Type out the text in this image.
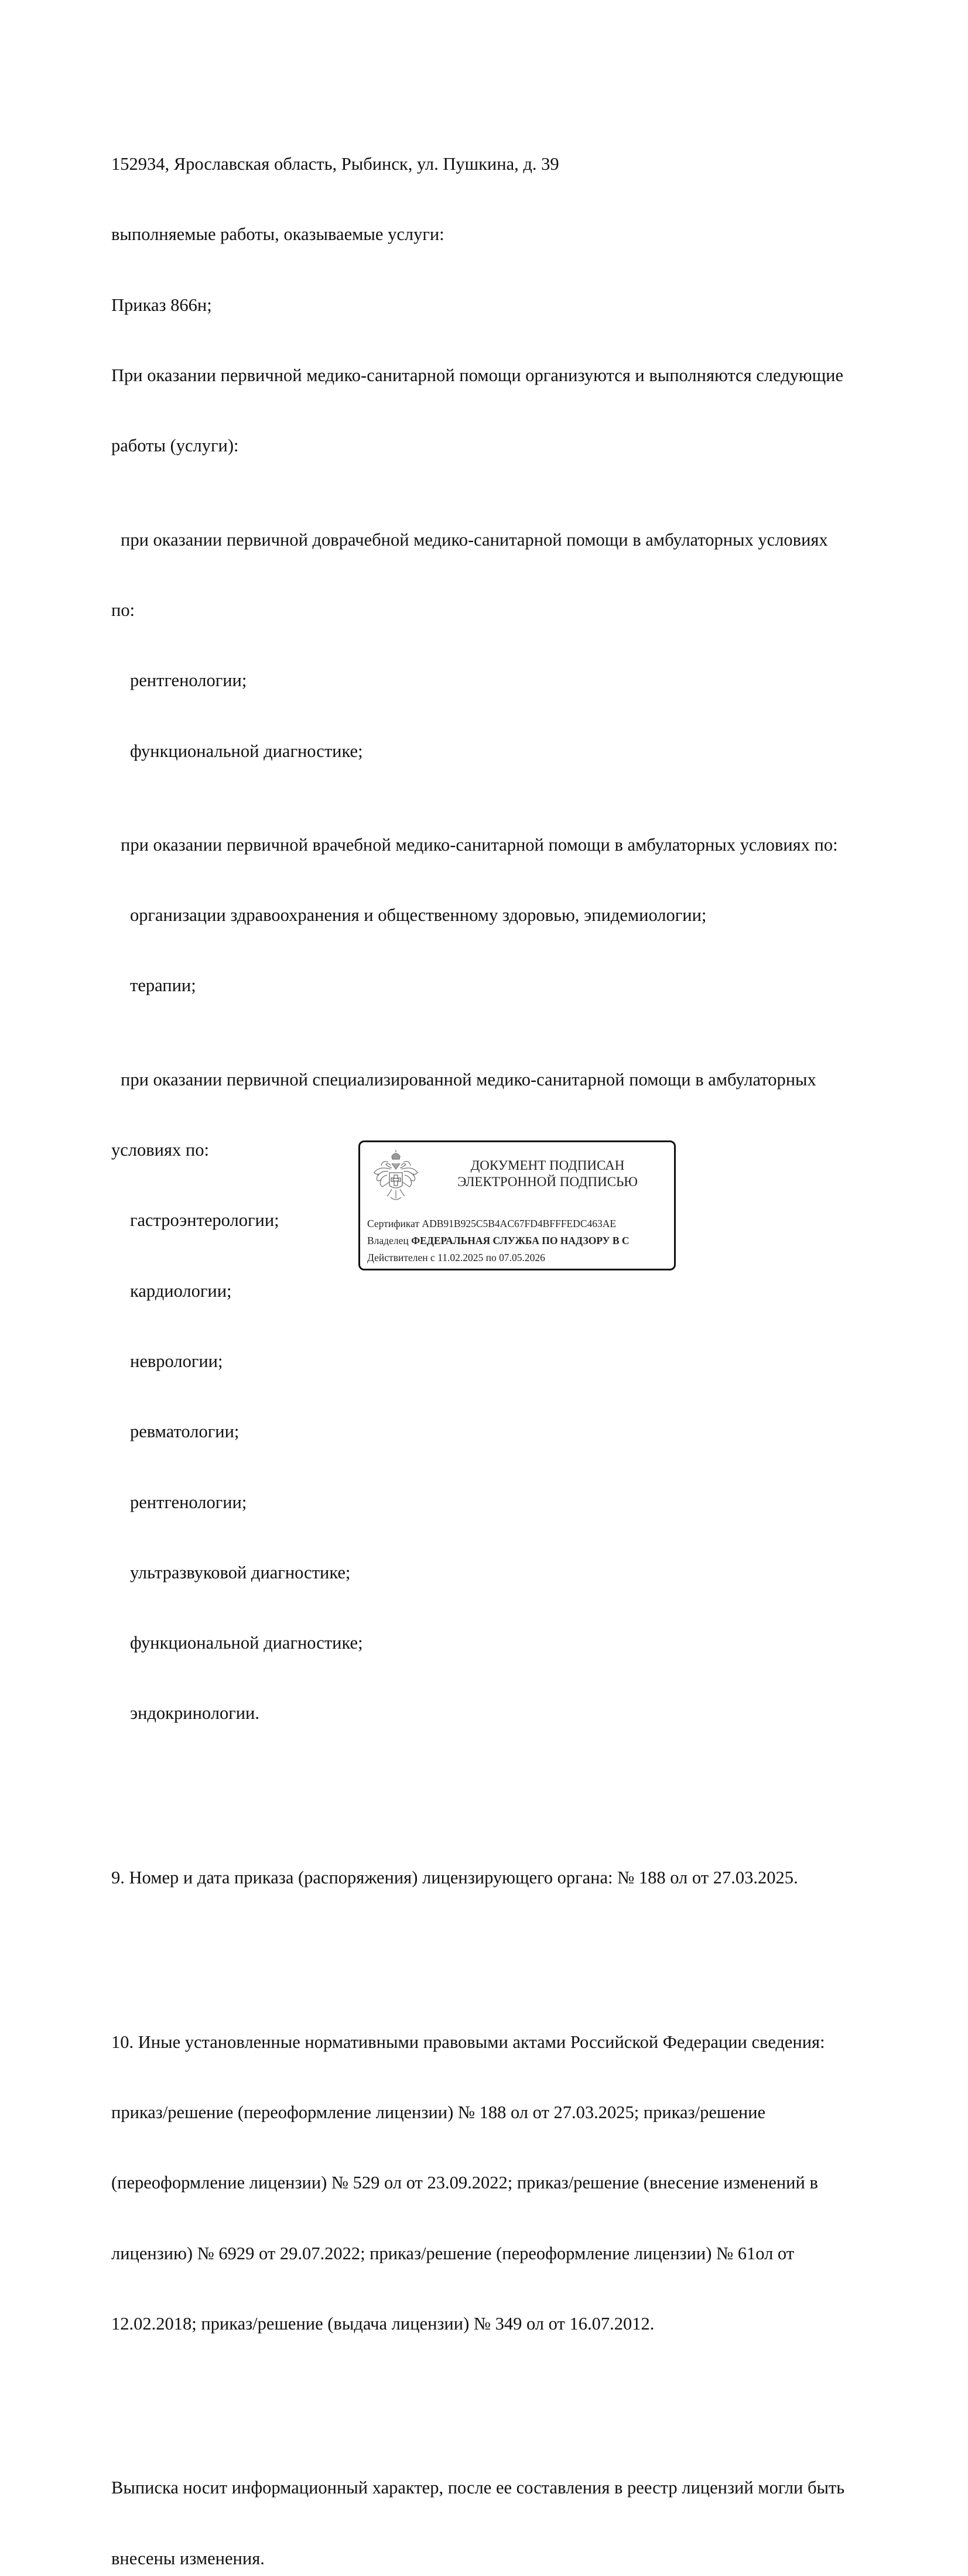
152934, Ярославская область, Рыбинск, ул. Пушкина, д. 39

выполняемые работы, оказываемые услуги:

Приказ 866н;

При оказании первичной медико-санитарной помощи организуются и выполняются следующие

работы (услуги):

при оказании первичной доврачебной медико-санитарной помощи в амбулаторных условиях

по:

рентгенологии;

функциональной диагностике;

при оказании первичной врачебной медико-санитарной помощи в амбулаторных условиях по:

организации здравоохранения и общественному здоровью, эпидемиологии;

терапии;

при оказании первичной специализированной медико-санитарной помощи в амбулаторных

условиях по:

гастроэнтерологии;

кардиологии;

неврологии;

ревматологии;

рентгенологии;

ультразвуковой диагностике;

функциональной диагностике;

эндокринологии.

9. Номер и дата приказа (распоряжения) лицензирующего органа: № 188 ол от 27.03.2025.

10. Иные установленные нормативными правовыми актами Российской Федерации сведения:

приказ/решение (переоформление лицензии) № 188 ол от 27.03.2025; приказ/решение

(переоформление лицензии) № 529 ол от 23.09.2022; приказ/решение (внесение изменений в

лицензию) № 6929 от 29.07.2022; приказ/решение (переоформление лицензии) № 61ол от

12.02.2018; приказ/решение (выдача лицензии) № 349 ол от 16.07.2012.

Выписка носит информационный характер, после ее составления в реестр лицензий могли быть

внесены изменения.

ДОКУМЕНТ ПОДПИСАН
ЭЛЕКТРОННОЙ ПОДПИСЬЮ
Сертификат ADB91B925C5B4AC67FD4BFFFEDC463AE
Владелец ФЕДЕРАЛЬНАЯ СЛУЖБА ПО НАДЗОРУ В С
Действителен с 11.02.2025 по 07.05.2026
